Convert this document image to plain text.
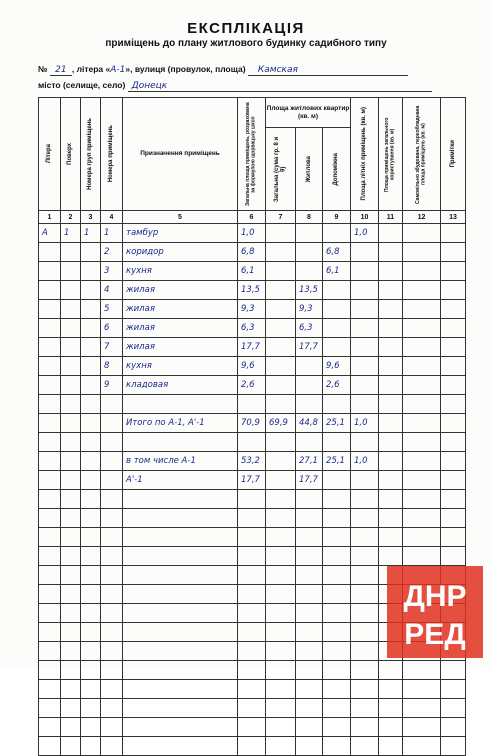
ЕКСПЛІКАЦІЯ
приміщень до плану житлового будинку садибного типу
№ 21 , літера «А-1», вулиця (провулок, площа) Камская
місто (селище, село) Донецк
Літера	Поверх	Номера груп приміщень	Номера приміщень	Призначення приміщень	Загальна площа приміщень, розрахована за формулою щорвацьку шкоп	Площа житлових квартир (кв. м)			Площа літніх приміщень (кв. м)	Площа приміщень загального користування (кв. м)	Самовільно збудована, переобладнана площа приміщень (кв. м)	Примітки

						Загальна (сума гр. 8 и 9)	Житлова	Допоміжна				

1	2	3	4	5	6	7	8	9	10	11	12	13
А	1	1	1	тамбур	1,0				1,0			
			2	коридор	6,8			6,8				
			3	кухня	6,1			6,1				
			4	жилая	13,5		13,5					
			5	жилая	9,3		9,3					
			6	жилая	6,3		6,3					
			7	жилая	17,7		17,7					
			8	кухня	9,6			9,6				
			9	кладовая	2,6			2,6				

				Итого по А-1, А'-1	70,9	69,9	44,8	25,1	1,0			

				в том числе А-1	53,2		27,1	25,1	1,0			
				А'-1	17,7		17,7					

ДНР
РЕД
